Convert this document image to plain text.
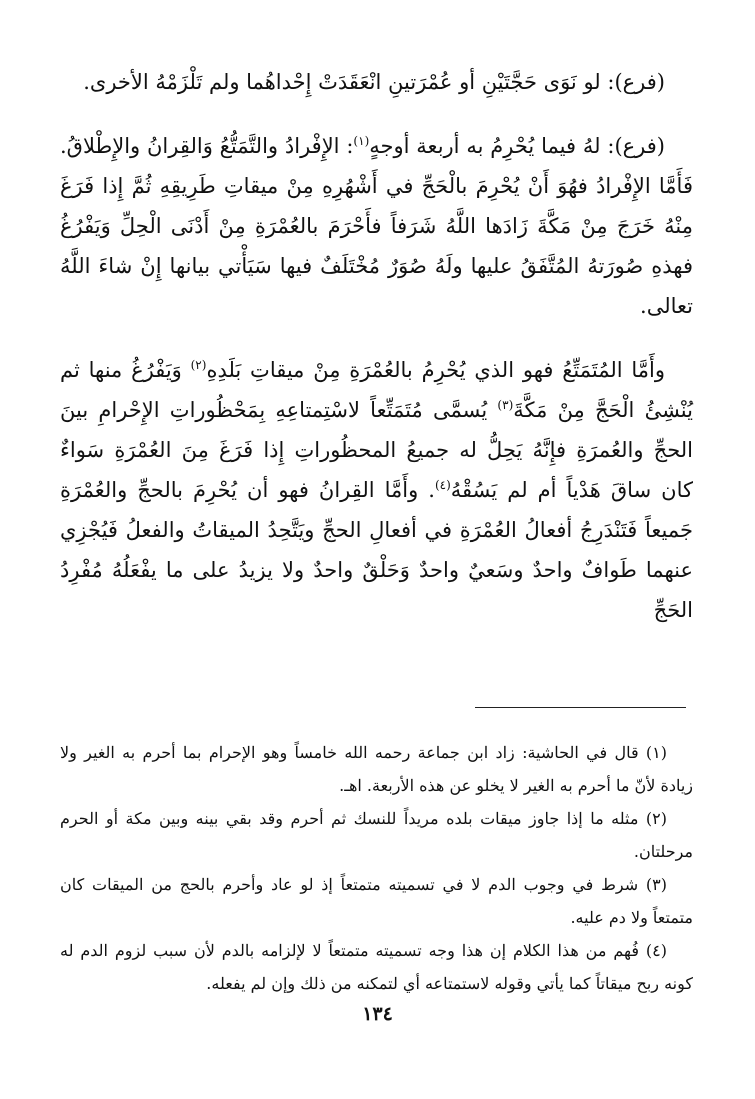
(فرع): لو نَوَى حَجَّتَيْنِ أو عُمْرَتينِ انْعَقَدَتْ إِحْداهُما ولم تَلْزَمْهُ الأخرى.

(فرع): لهُ فيما يُحْرِمُ به أربعة أوجهٍ$^{(١)}$: الإِفْرادُ والتَّمَتُّعُ وَالقِرانُ والإِطْلاقُ. فَأَمَّا الإِفْرادُ فهُوَ أَنْ يُحْرِمَ بالْحَجِّ في أَشْهُرِهِ مِنْ ميقاتِ طَرِيقِهِ ثُمَّ إِذا فَرَغَ مِنْهُ خَرَجَ مِنْ مَكَّةَ زَادَها اللَّهُ شَرَفاً فأَحْرَمَ بالعُمْرَةِ مِنْ أَدْنَى الْحِلِّ وَيَفْرُغُ فهذهِ صُورَتهُ المُتَّفَقُ عليها ولَهُ صُوَرٌ مُخْتَلَفٌ فيها سَيَأْتي بيانها إِنْ شاءَ اللَّهُ تعالى.

وأَمَّا المُتَمَتِّعُ فهو الذي يُحْرِمُ بالعُمْرَةِ مِنْ ميقاتِ بَلَدِهِ$^{(٢)}$ وَيَفْرُغُ منها ثم يُنْشِئُ الْحَجَّ مِنْ مَكَّةَ$^{(٣)}$ يُسمَّى مُتَمَتِّعاً لاسْتِمتاعِهِ بِمَحْظُوراتِ الإِحْرامِ بينَ الحجِّ والعُمرَةِ فإِنَّهُ يَحِلُّ له جميعُ المحظُوراتِ إِذا فَرَغَ مِنَ العُمْرَةِ سَواءٌ كان ساقَ هَدْياً أم لم يَسُقْهُ$^{(٤)}$. وأَمَّا القِرانُ فهو أن يُحْرِمَ بالحجِّ والعُمْرَةِ جَميعاً فَتَنْدَرِجُ أفعالُ العُمْرَةِ في أفعالِ الحجِّ ويَتَّحِدُ الميقاتُ والفعلُ فَيُجْزِي عنهما طَوافٌ واحدٌ وسَعيٌ واحدٌ وَحَلْقٌ واحدٌ ولا يزيدُ على ما يفْعَلُهُ مُفْرِدُ الحَجِّ

(١) قال في الحاشية: زاد ابن جماعة رحمه الله خامساً وهو الإحرام بما أحرم به الغير ولا زيادة لأنّ ما أحرم به الغير لا يخلو عن هذه الأربعة. اهـ.

(٢) مثله ما إذا جاوز ميقات بلده مريداً للنسك ثم أحرم وقد بقي بينه وبين مكة أو الحرم مرحلتان.

(٣) شرط في وجوب الدم لا في تسميته متمتعاً إذ لو عاد وأحرم بالحج من الميقات كان متمتعاً ولا دم عليه.

(٤) فُهم من هذا الكلام إن هذا وجه تسميته متمتعاً لا لإلزامه بالدم لأن سبب لزوم الدم له كونه ربح ميقاتاً كما يأتي وقوله لاستمتاعه أي لتمكنه من ذلك وإن لم يفعله.

١٣٤
